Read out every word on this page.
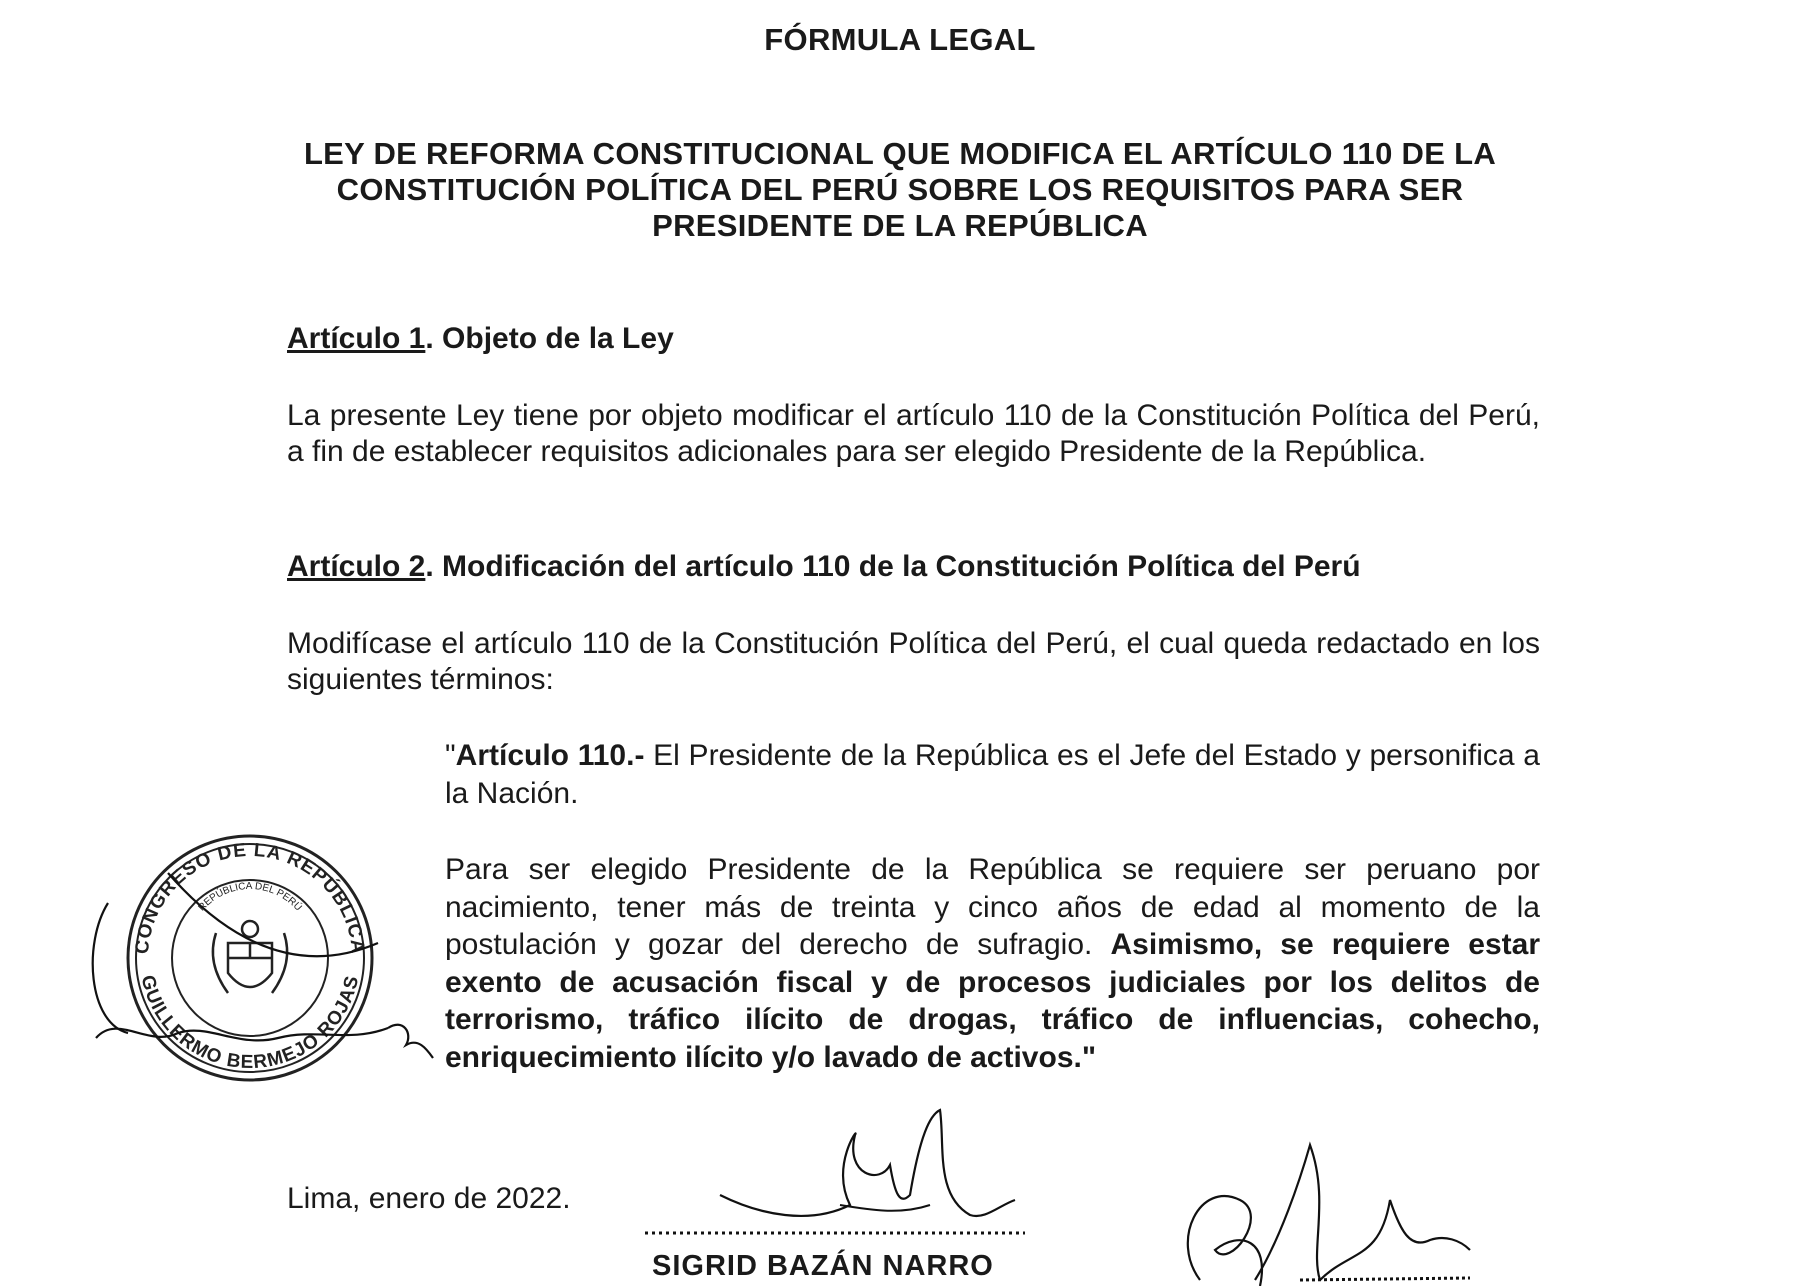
FÓRMULA LEGAL
LEY DE REFORMA CONSTITUCIONAL QUE MODIFICA EL ARTÍCULO 110 DE LA
CONSTITUCIÓN POLÍTICA DEL PERÚ SOBRE LOS REQUISITOS PARA SER
PRESIDENTE DE LA REPÚBLICA
Artículo 1. Objeto de la Ley
La presente Ley tiene por objeto modificar el artículo 110 de la Constitución Política del Perú, a fin de establecer requisitos adicionales para ser elegido Presidente de la República.
Artículo 2. Modificación del artículo 110 de la Constitución Política del Perú
Modifícase el artículo 110 de la Constitución Política del Perú, el cual queda redactado en los siguientes términos:
"Artículo 110.- El Presidente de la República es el Jefe del Estado y personifica a la Nación.
Para ser elegido Presidente de la República se requiere ser peruano por nacimiento, tener más de treinta y cinco años de edad al momento de la postulación y gozar del derecho de sufragio. Asimismo, se requiere estar exento de acusación fiscal y de procesos judiciales por los delitos de terrorismo, tráfico ilícito de drogas, tráfico de influencias, cohecho, enriquecimiento ilícito y/o lavado de activos."
Lima, enero de 2022.
CONGRESO DE LA REPÚBLICA
GUILLERMO BERMEJO ROJAS
REPÚBLICA DEL PERÚ
SIGRID BAZÁN NARRO
